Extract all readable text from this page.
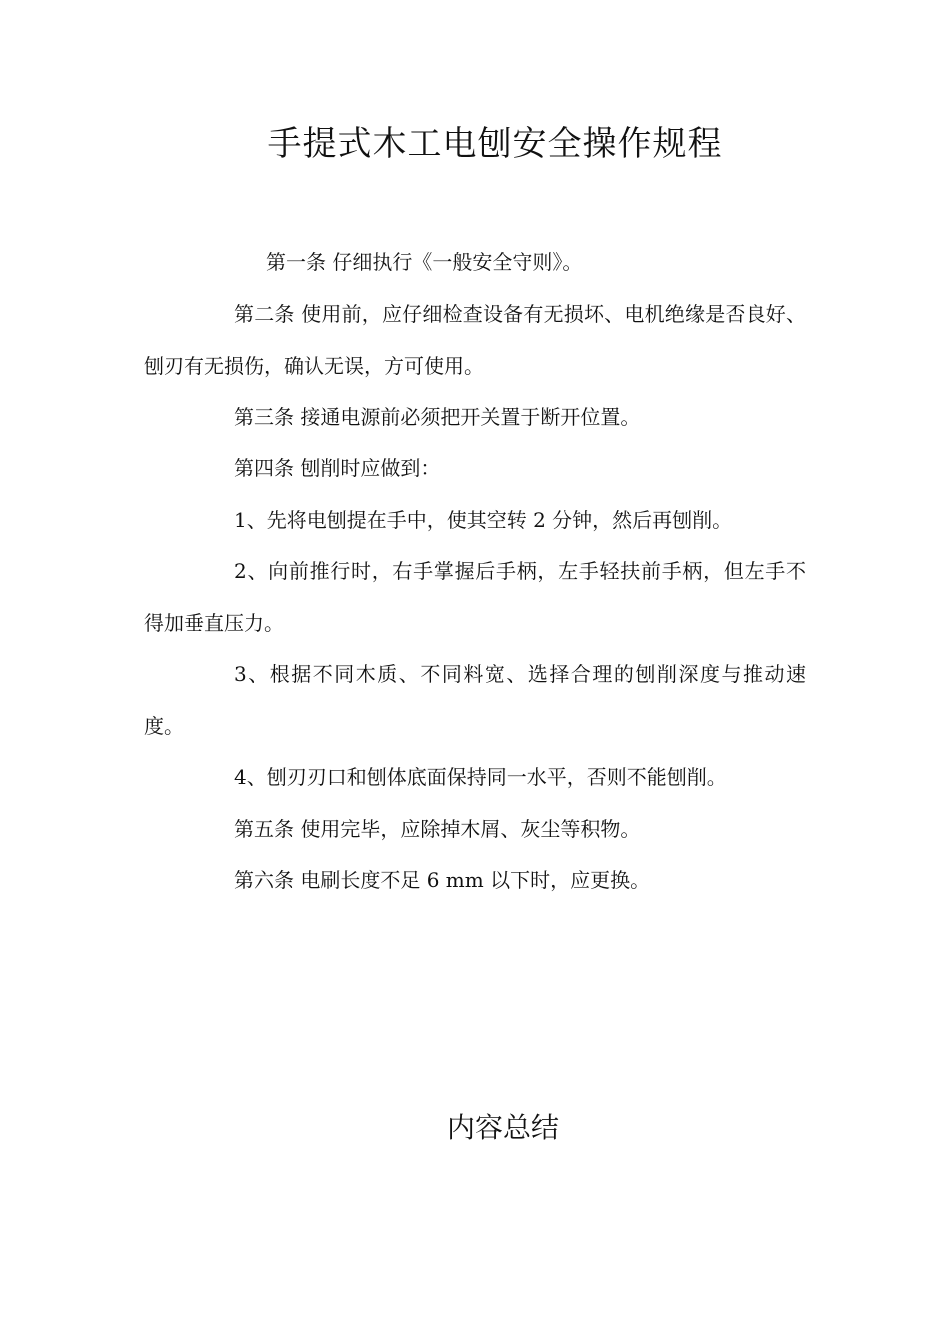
手提式木工电刨安全操作规程

第一条 仔细执行《一般安全守则》。

第二条 使用前，应仔细检查设备有无损坏、电机绝缘是否良好、刨刃有无损伤，确认无误，方可使用。

第三条 接通电源前必须把开关置于断开位置。

第四条 刨削时应做到：

1、先将电刨提在手中，使其空转 2 分钟，然后再刨削。

2、向前推行时，右手掌握后手柄，左手轻扶前手柄，但左手不得加垂直压力。

3、根据不同木质、不同料宽、选择合理的刨削深度与推动速度。

4、刨刃刃口和刨体底面保持同一水平，否则不能刨削。

第五条 使用完毕，应除掉木屑、灰尘等积物。

第六条 电刷长度不足 6 mm 以下时，应更换。

内容总结
